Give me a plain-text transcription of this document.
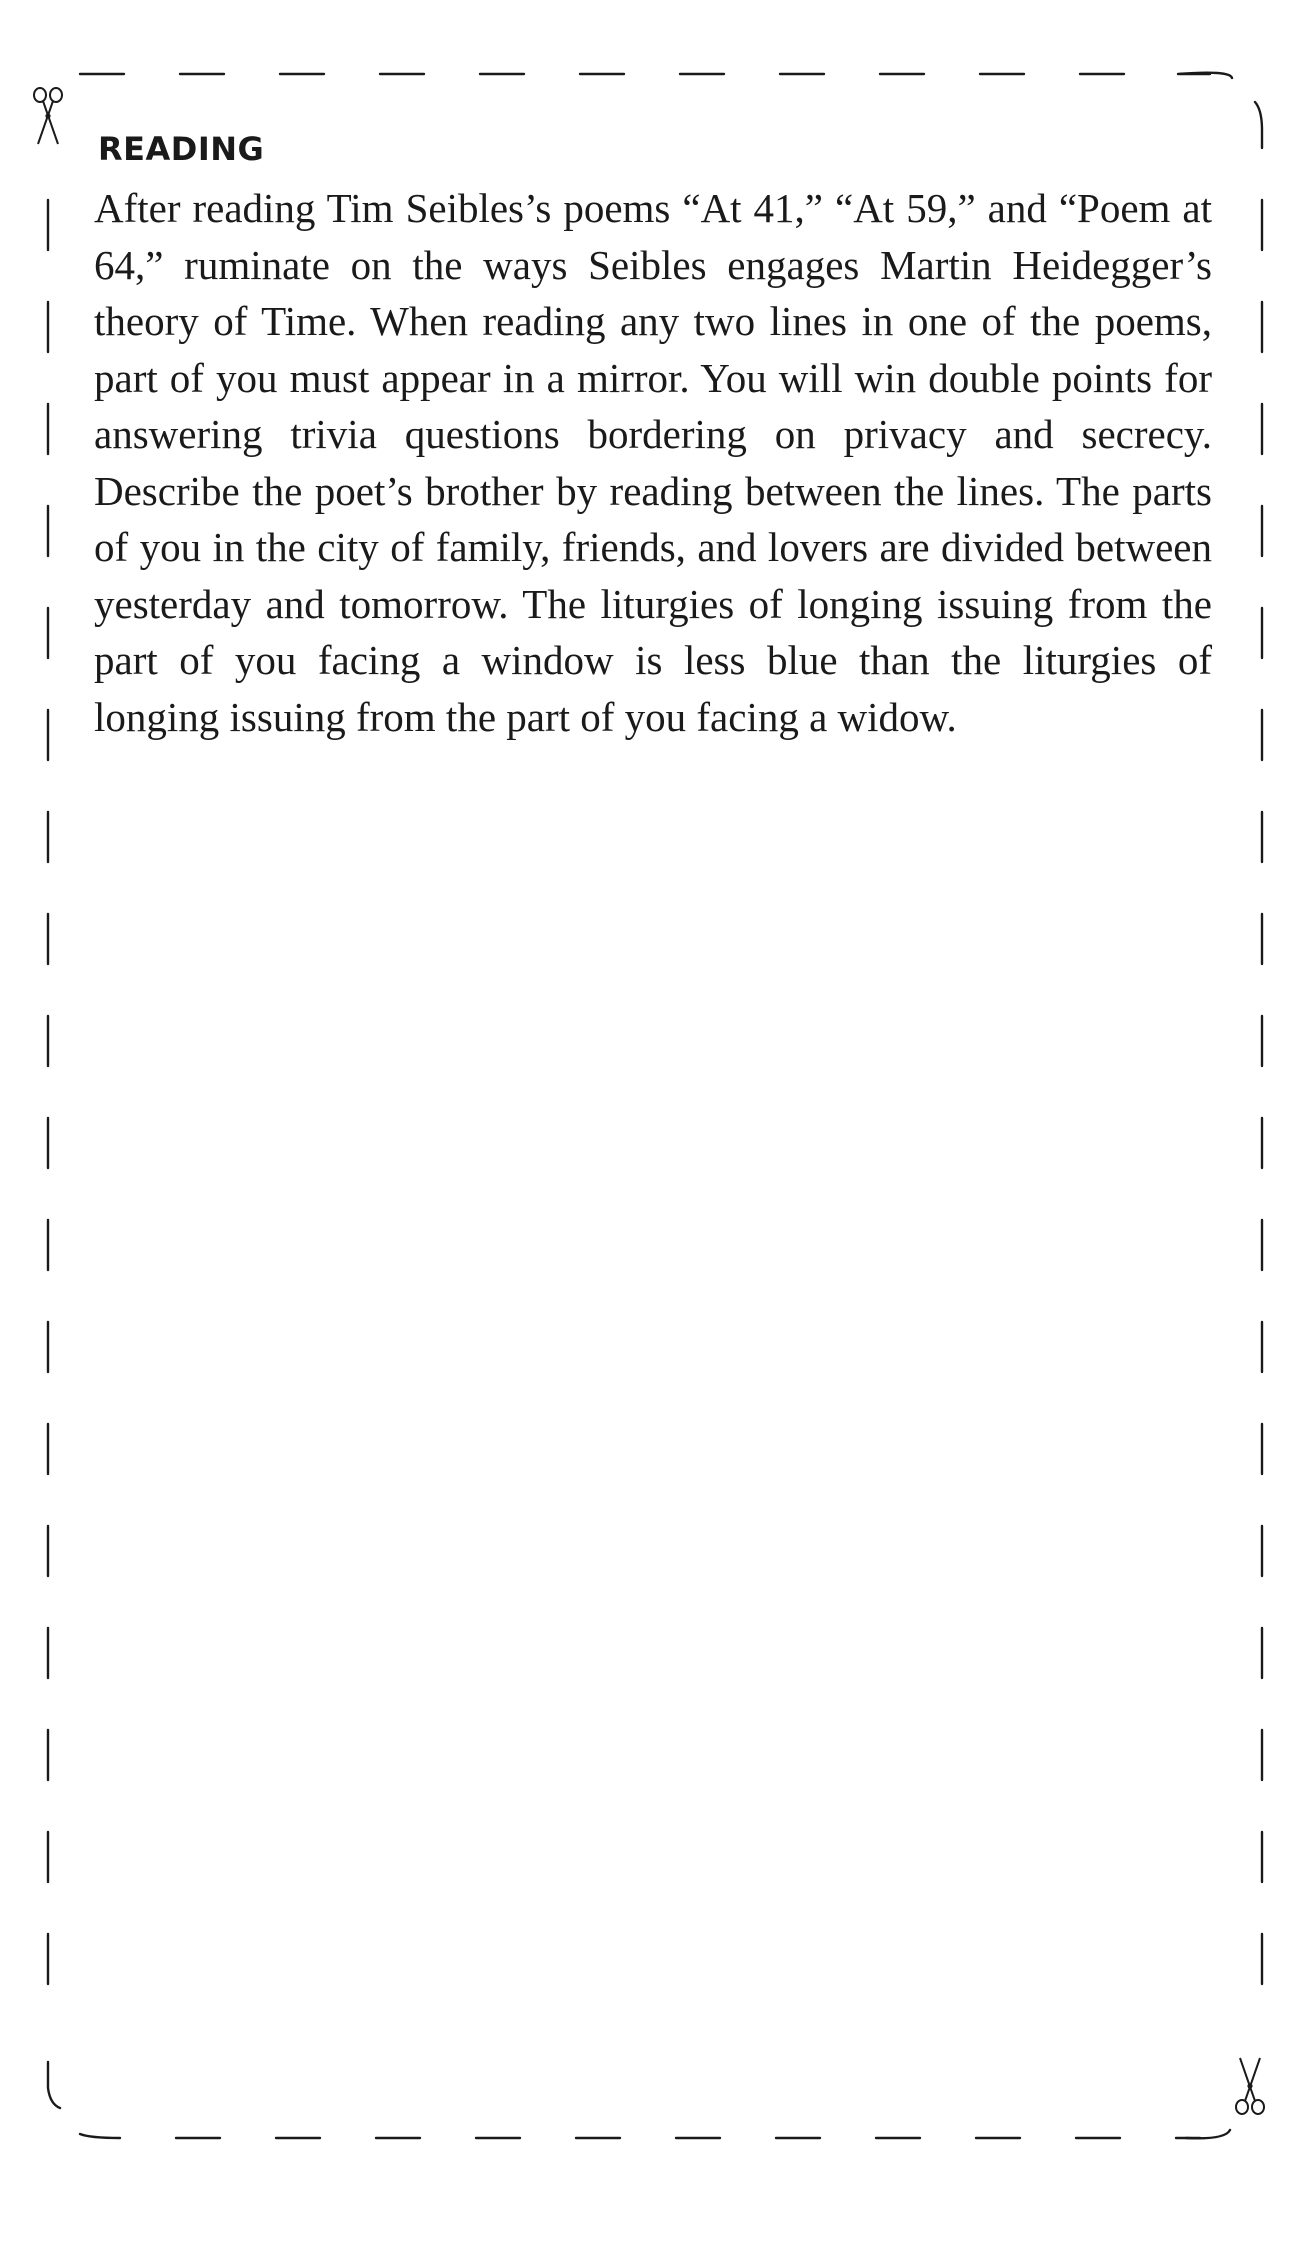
READING

After reading Tim Seibles’s poems “At 41,” “At 59,” and “Poem at 64,” ruminate on the ways Seibles engages Martin Heidegger’s theory of Time. When reading any two lines in one of the poems, part of you must appear in a mirror. You will win double points for answering trivia questions bordering on privacy and secrecy. Describe the poet’s brother by reading between the lines. The parts of you in the city of family, friends, and lovers are divided between yesterday and tomorrow. The liturgies of longing issuing from the part of you facing a window is less blue than the liturgies of longing issuing from the part of you facing a widow.
